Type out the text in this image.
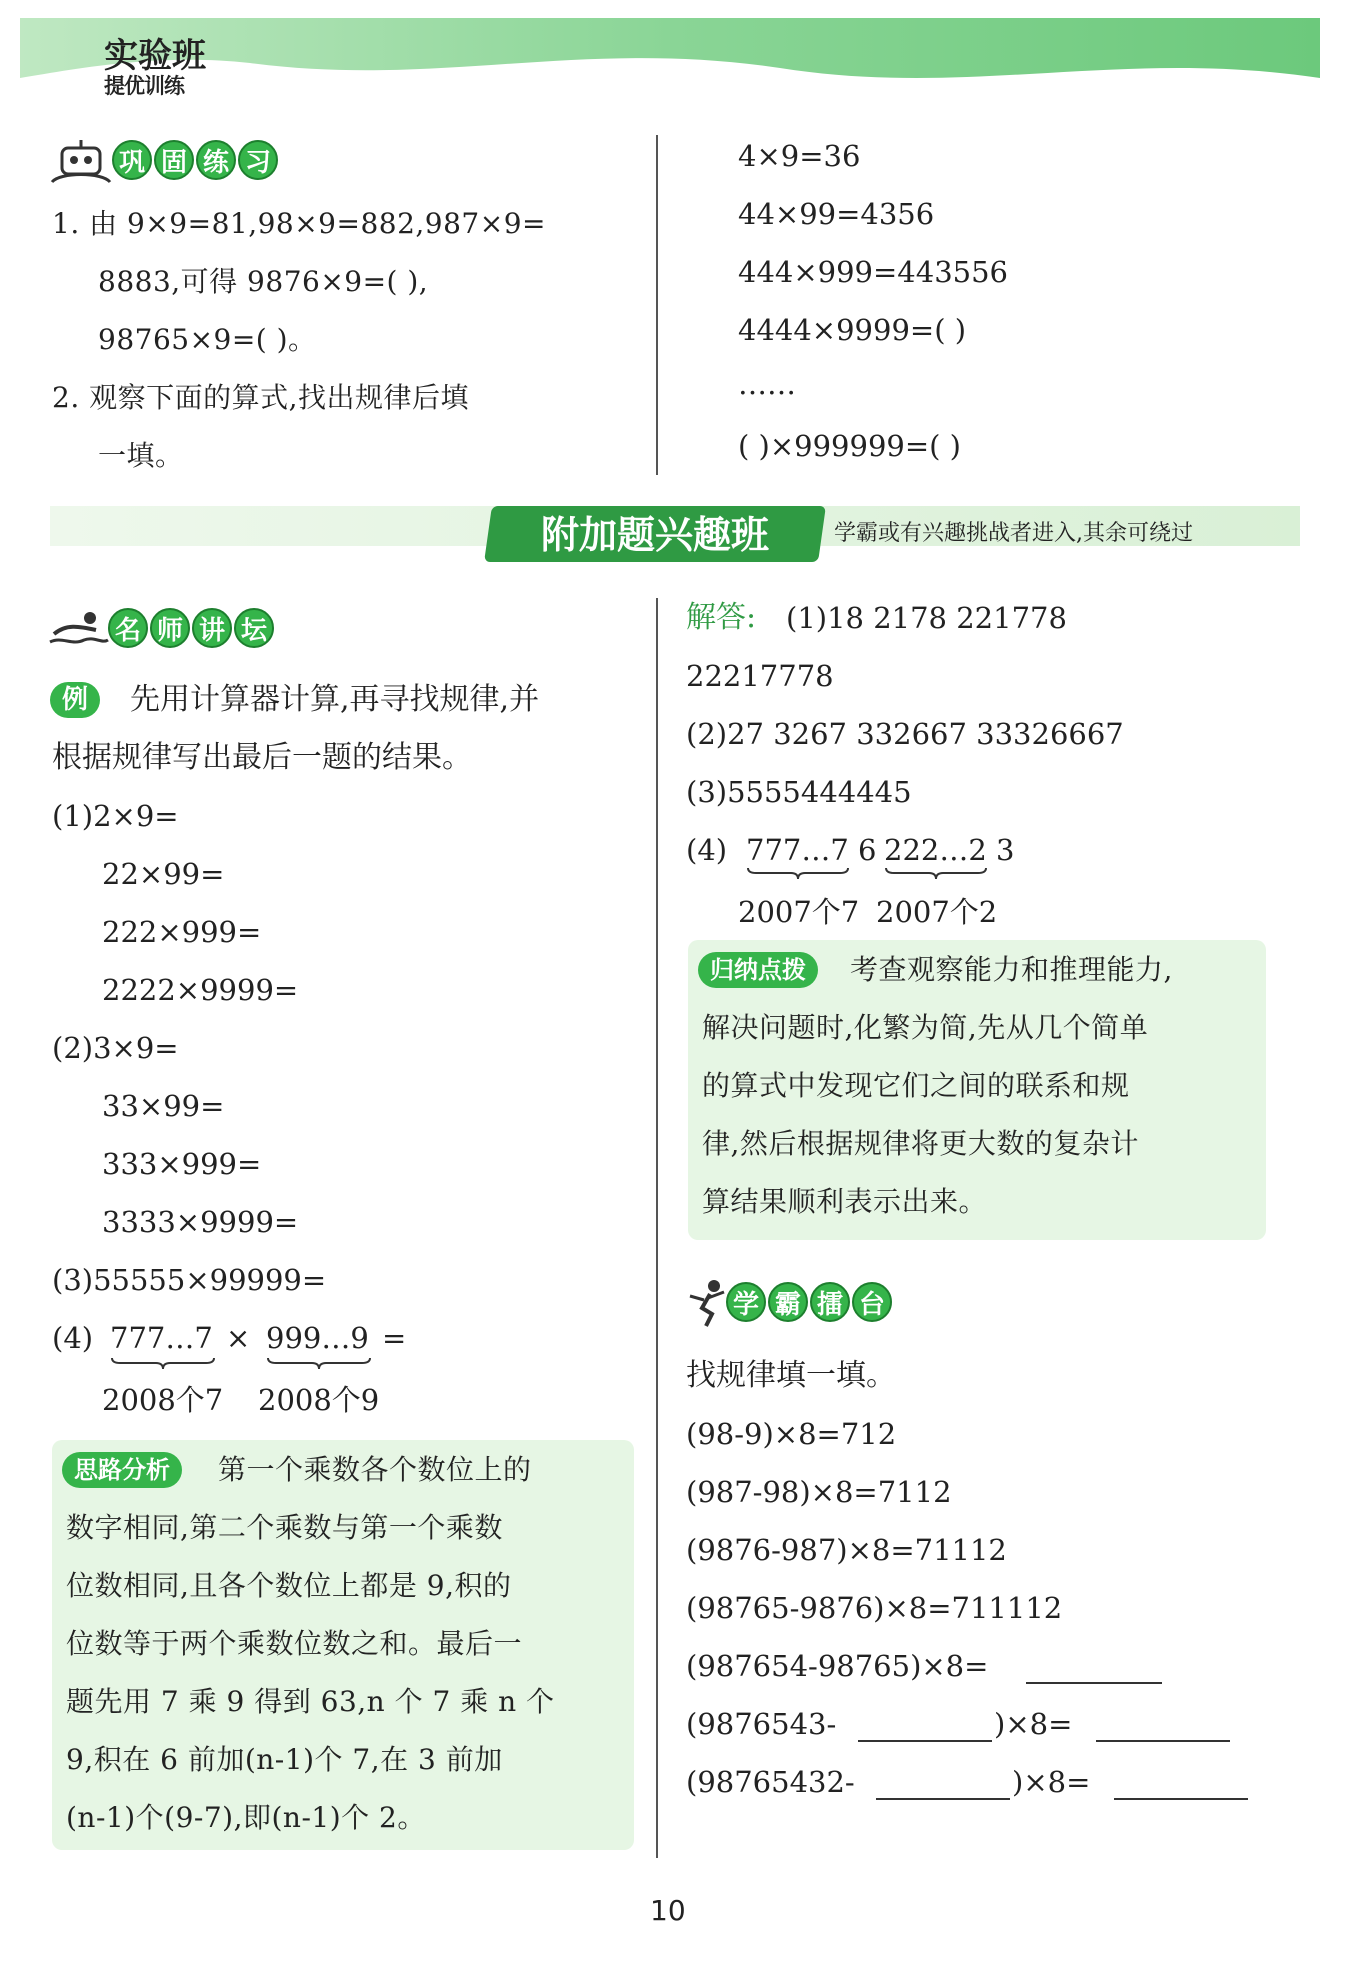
实验班
提优训练
巩 固 练 习
1. 由 9×9=81,98×9=882,987×9=
8883,可得 9876×9=( ),
98765×9=( )。
2. 观察下面的算式,找出规律后填
一填。
4×9=36
44×99=4356
444×999=443556
4444×9999=( )
……
( )×999999=( )
附加题兴趣班	学霸或有兴趣挑战者进入,其余可绕过
名 师 讲 坛
例	先用计算器计算,再寻找规律,并
根据规律写出最后一题的结果。
(1)2×9=
22×99=
222×999=
2222×9999=
(2)3×9=
33×99=
333×999=
3333×9999=
(3)55555×99999=
(4) 777…7 × 999…9 =
2008个7 2008个9
思路分析	第一个乘数各个数位上的
数字相同,第二个乘数与第一个乘数
位数相同,且各个数位上都是 9,积的
位数等于两个乘数位数之和。最后一
题先用 7 乘 9 得到 63,n 个 7 乘 n 个
9,积在 6 前加(n-1)个 7,在 3 前加
(n-1)个(9-7),即(n-1)个 2。
解答: (1)18 2178 221778
22217778
(2)27 3267 332667 33326667
(3)5555444445
(4) 777…7 6 222…2 3
2007个7 2007个2
归纳点拨	考查观察能力和推理能力,
解决问题时,化繁为简,先从几个简单
的算式中发现它们之间的联系和规
律,然后根据规律将更大数的复杂计
算结果顺利表示出来。
学 霸 擂 台
找规律填一填。
(98-9)×8=712
(987-98)×8=7112
(9876-987)×8=71112
(98765-9876)×8=711112
(987654-98765)×8=
(9876543-	)×8=
(98765432-	)×8=
10
